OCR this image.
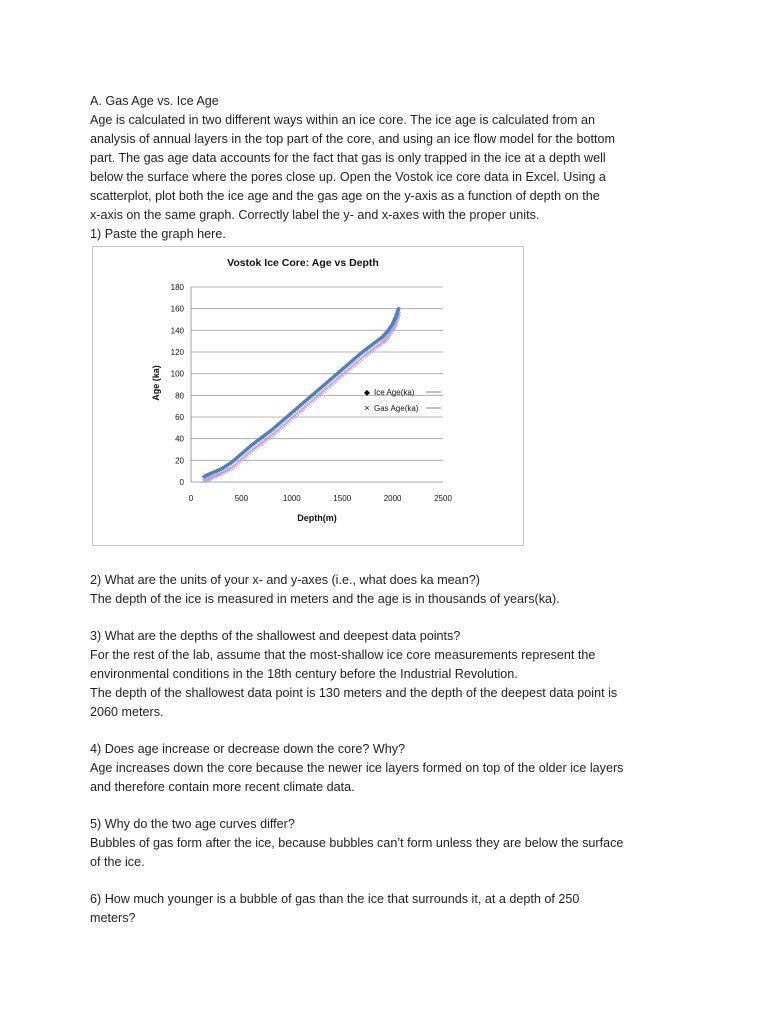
A. Gas Age vs. Ice Age

Age is calculated in two different ways within an ice core. The ice age is calculated from an

analysis of annual layers in the top part of the core, and using an ice flow model for the bottom

part. The gas age data accounts for the fact that gas is only trapped in the ice at a depth well

below the surface where the pores close up. Open the Vostok ice core data in Excel. Using a

scatterplot, plot both the ice age and the gas age on the y-axis as a function of depth on the

x-axis on the same graph. Correctly label the y- and x-axes with the proper units.

1) Paste the graph here.

Vostok Ice Core: Age vs Depth
0
20
40
60
80
100
120
140
160
180
0	500	1000	1500	2000	2500
Depth(m)
Age (ka)	◆ Ice Age(ka)
× Gas Age(ka)

2) What are the units of your x- and y-axes (i.e., what does ka mean?)

The depth of the ice is measured in meters and the age is in thousands of years(ka).

3) What are the depths of the shallowest and deepest data points?

For the rest of the lab, assume that the most-shallow ice core measurements represent the

environmental conditions in the 18th century before the Industrial Revolution.

The depth of the shallowest data point is 130 meters and the depth of the deepest data point is

2060 meters.

4) Does age increase or decrease down the core? Why?

Age increases down the core because the newer ice layers formed on top of the older ice layers

and therefore contain more recent climate data.

5) Why do the two age curves differ?

Bubbles of gas form after the ice, because bubbles can’t form unless they are below the surface

of the ice.

6) How much younger is a bubble of gas than the ice that surrounds it, at a depth of 250

meters?
